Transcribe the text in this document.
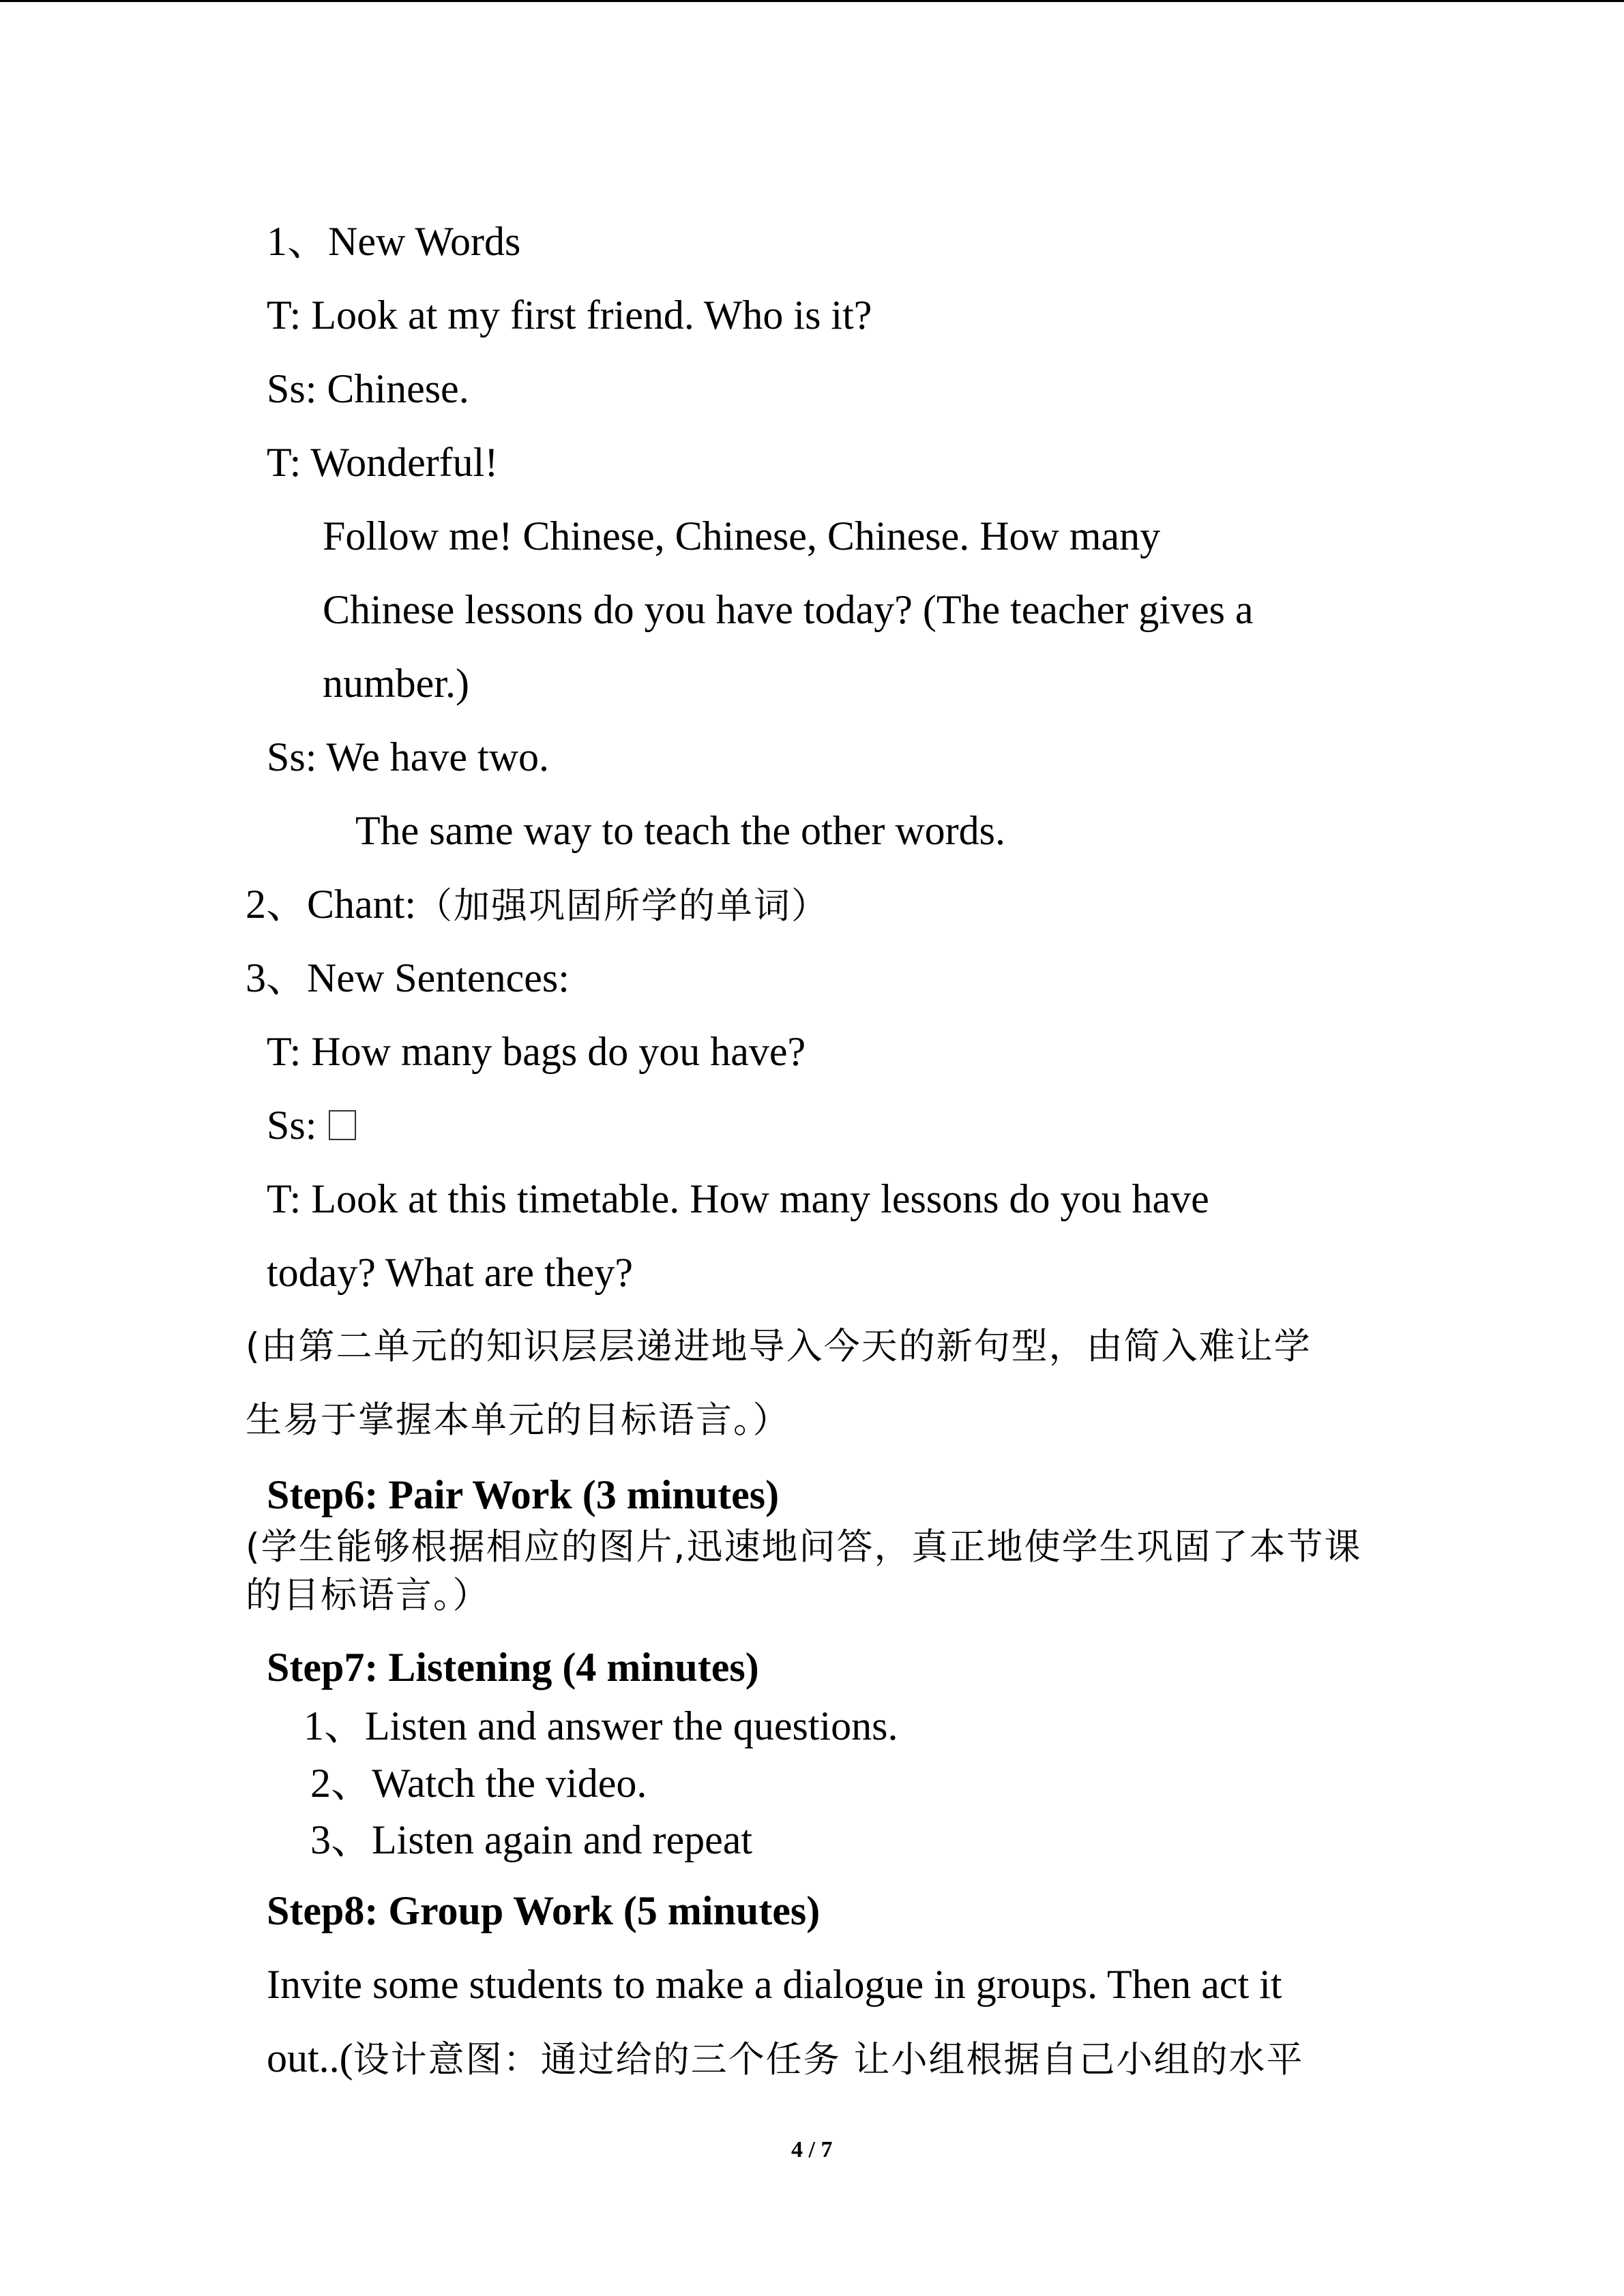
1、New Words
T: Look at my first friend. Who is it?
Ss: Chinese.
T: Wonderful!
Follow me! Chinese, Chinese, Chinese. How many
Chinese lessons do you have today? (The teacher gives a
number.)
Ss: We have two.
The same way to teach the other words.
2、Chant:（加强巩固所学的单词）
3、New Sentences:
T: How many bags do you have?
Ss:
T: Look at this timetable. How many lessons do you have
today? What are they?
(由第二单元的知识层层递进地导入今天的新句型，由简入难让学
生易于掌握本单元的目标语言。）
Step6: Pair Work (3 minutes)
(学生能够根据相应的图片,迅速地问答，真正地使学生巩固了本节课
的目标语言。）
Step7: Listening (4 minutes)
1、Listen and answer the questions.
2、Watch the video.
3、Listen again and repeat
Step8: Group Work (5 minutes)
Invite some students to make a dialogue in groups. Then act it
out..(设计意图：通过给的三个任务 让小组根据自己小组的水平
4 / 7
